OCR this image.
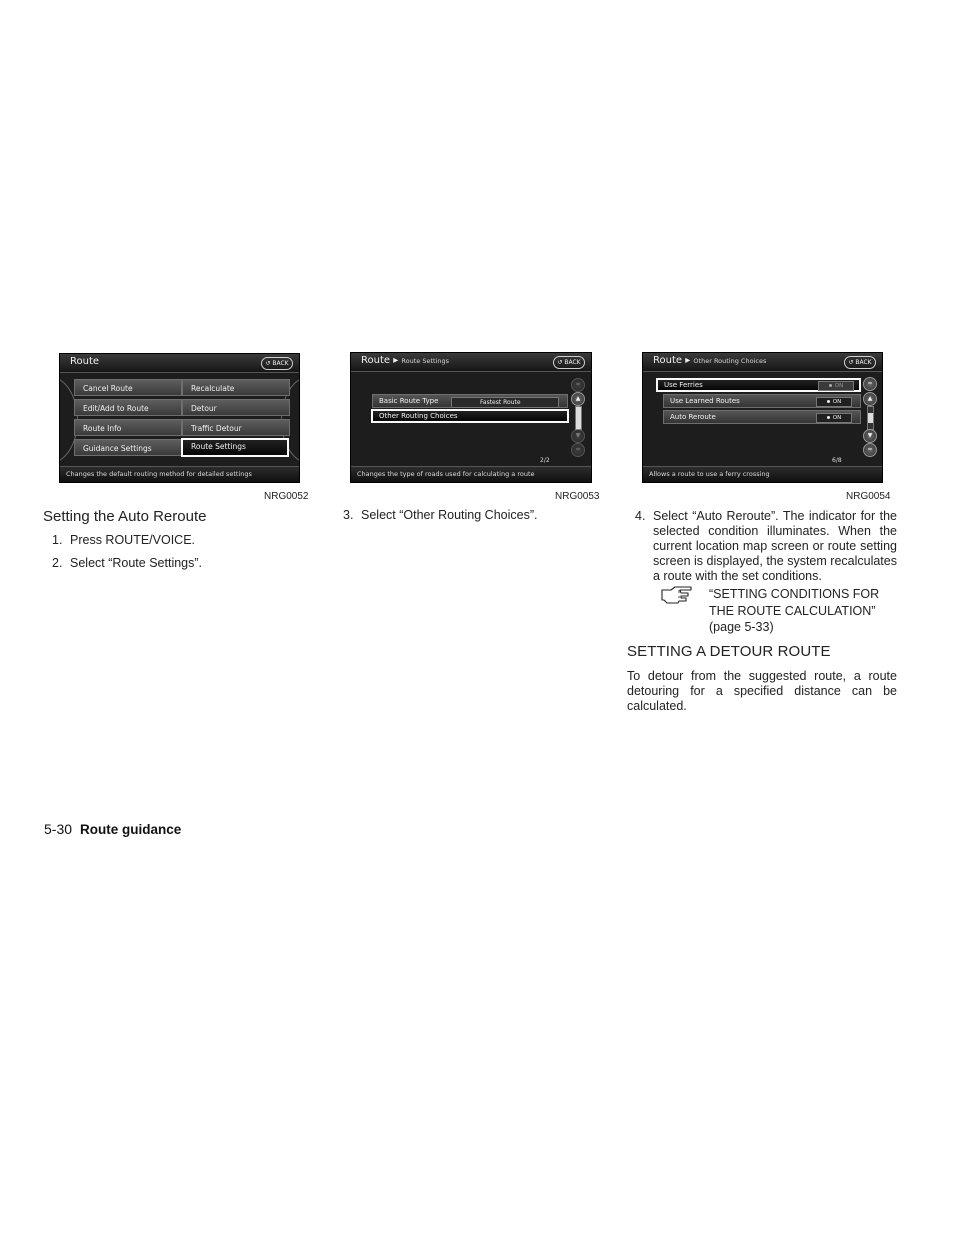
Route	↺ BACK
Cancel Route
Edit/Add to Route
Route Info
Guidance Settings
Recalculate
Detour
Traffic Detour
Route Settings
Changes the default routing method for detailed settings
NRG0052
Route ▸ Route Settings	↺ BACK
Basic Route Type	Fastest Route
Other Routing Choices
≈
▲
▼
≈
2/2
Changes the type of roads used for calculating a route
NRG0053
Route ▸ Other Routing Choices	↺ BACK
Use Ferries	ON
Use Learned Routes	ON
Auto Reroute	ON
≈
▲
▼
≈
6/8
Allows a route to use a ferry crossing
NRG0054
Setting the Auto Reroute
1. Press ROUTE/VOICE.
2. Select “Route Settings”.
3. Select “Other Routing Choices”.	4. Select “Auto Reroute”. The indicator for the selected condition illuminates. When the current location map screen or route setting screen is displayed, the system recalculates a route with the set conditions.
“SETTING CONDITIONS FOR THE ROUTE CALCULATION” (page 5-33)
SETTING A DETOUR ROUTE
To detour from the suggested route, a route detouring for a specified distance can be calculated.
5-30 Route guidance
